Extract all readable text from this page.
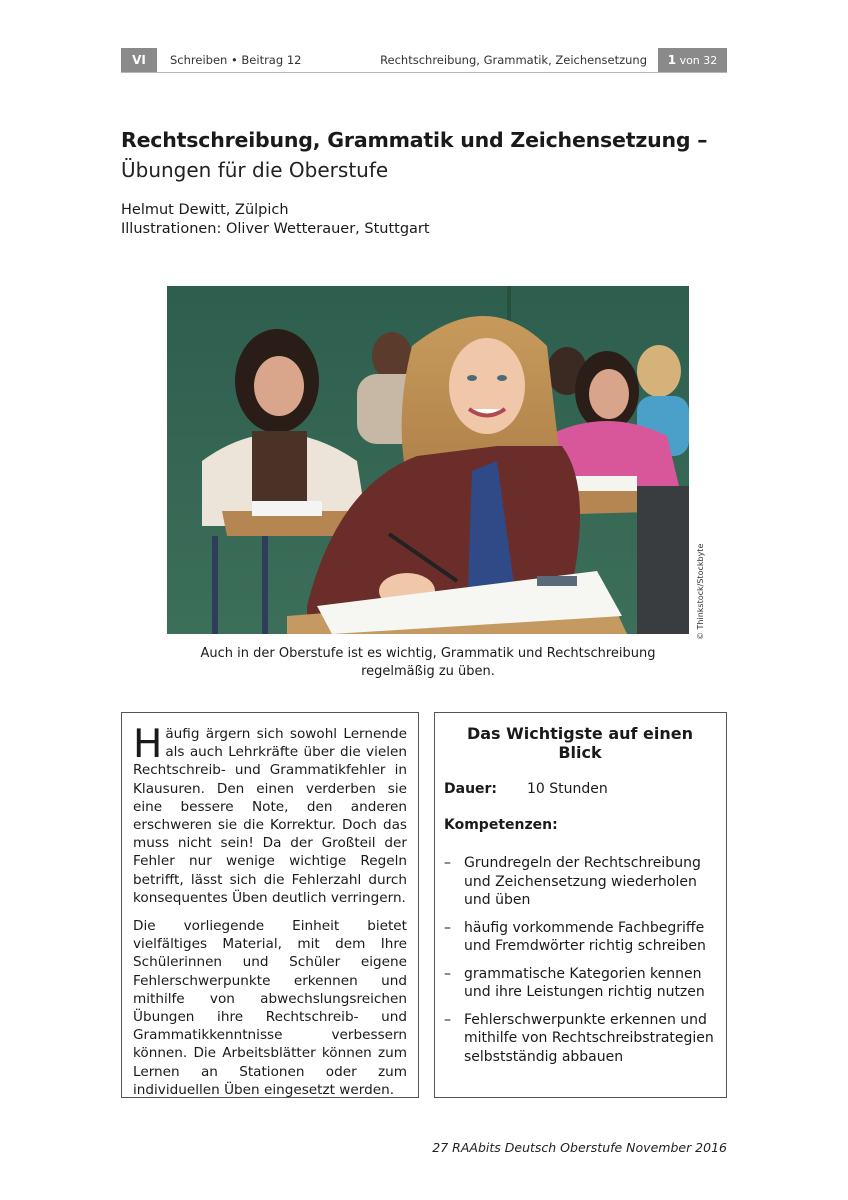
VI	Schreiben • Beitrag 12	Rechtschreibung, Grammatik, Zeichensetzung	1 von 32
Rechtschreibung, Grammatik und Zeichensetzung –
Übungen für die Oberstufe
Helmut Dewitt, Zülpich
Illustrationen: Oliver Wetterauer, Stuttgart
© Thinkstock/Stockbyte
Auch in der Oberstufe ist es wichtig, Grammatik und Rechtschreibung
regelmäßig zu üben.

Häufig ärgern sich sowohl Lernende als auch Lehrkräfte über die vielen Rechtschreib- und Grammatikfehler in Klausuren. Den einen verderben sie eine bessere Note, den anderen erschweren sie die Korrektur. Doch das muss nicht sein! Da der Großteil der Fehler nur wenige wichtige Regeln betrifft, lässt sich die Fehlerzahl durch konsequentes Üben deutlich verringern.

Die vorliegende Einheit bietet vielfältiges Material, mit dem Ihre Schülerinnen und Schüler eigene Fehlerschwerpunkte erkennen und mithilfe von abwechslungsreichen Übungen ihre Rechtschreib- und Grammatikkenntnisse verbessern können. Die Arbeitsblätter können zum Lernen an Stationen oder zum individuellen Üben eingesetzt werden.

Das Wichtigste auf einen Blick
Dauer: 10 Stunden
Kompetenzen:
– Grundregeln der Rechtschreibung und Zeichensetzung wiederholen und üben
– häufig vorkommende Fachbegriffe und Fremdwörter richtig schreiben
– grammatische Kategorien kennen und ihre Leistungen richtig nutzen
– Fehlerschwerpunkte erkennen und mithilfe von Rechtschreibstrategien selbstständig abbauen
27 RAAbits Deutsch Oberstufe November 2016
